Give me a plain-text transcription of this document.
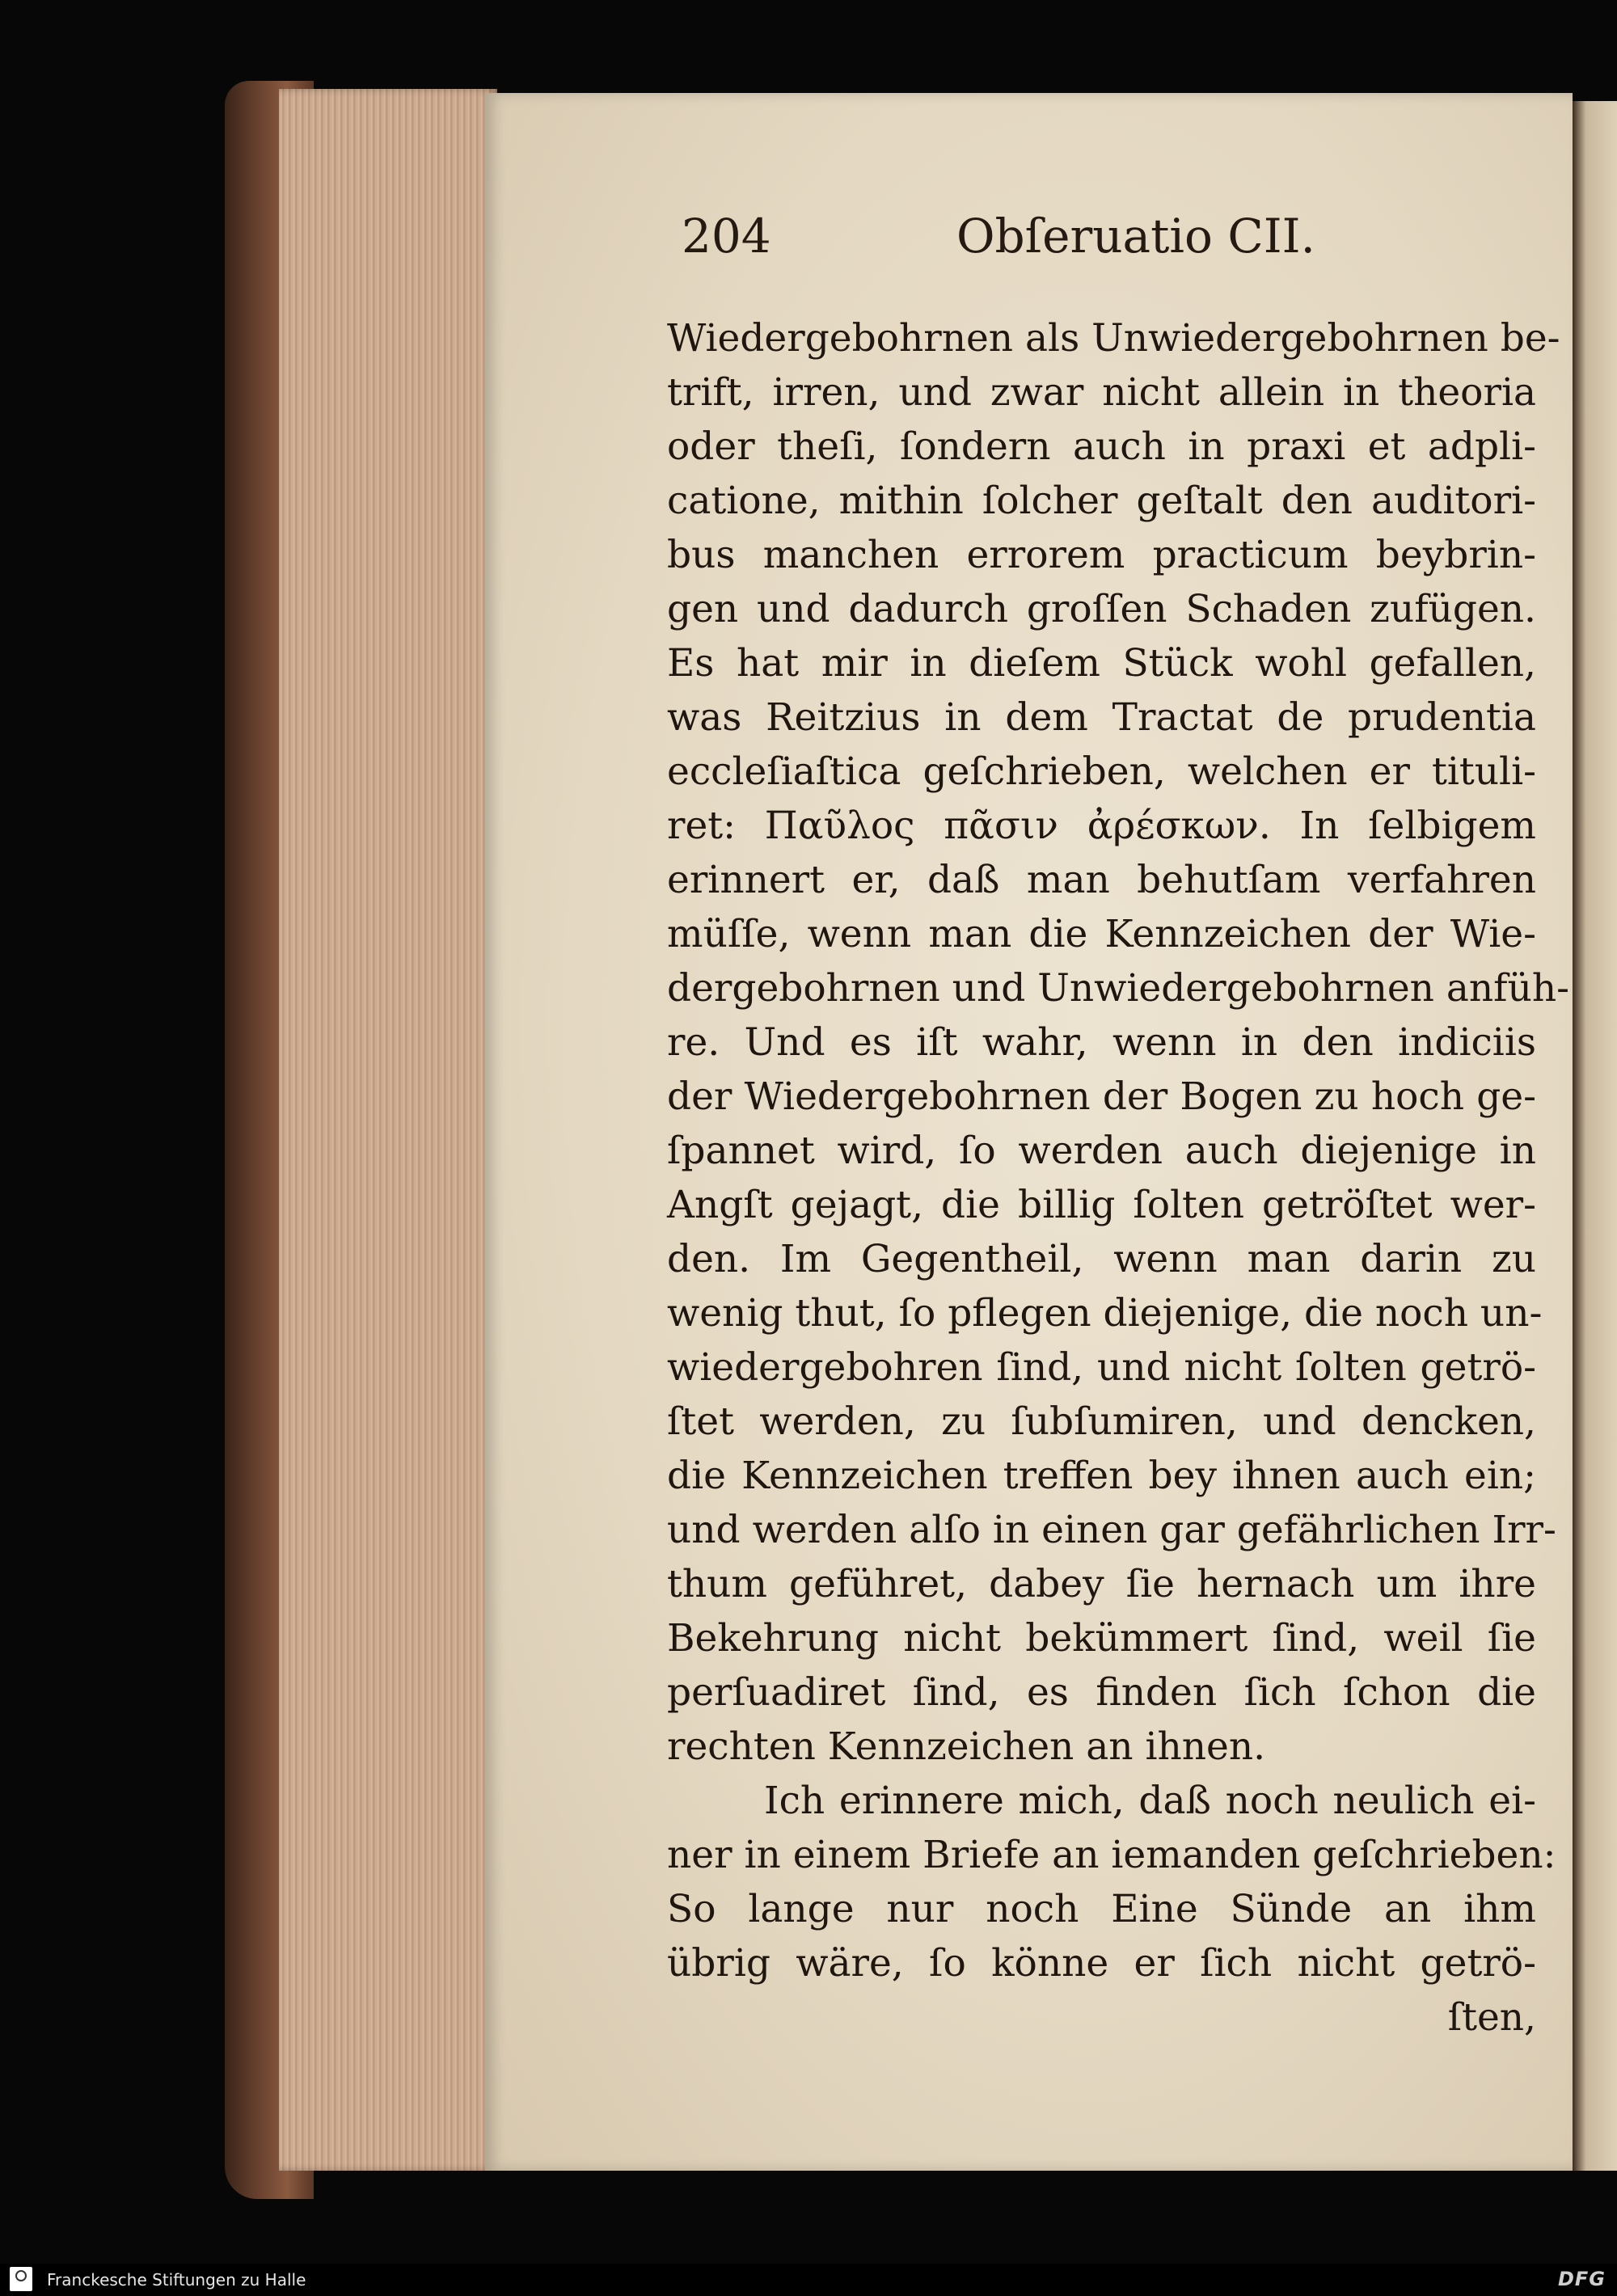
204	Obſeruatio CII.
Wiedergebohrnen als Unwiedergebohrnen be-
trift, irren, und zwar nicht allein in theoria
oder theſi, ſondern auch in praxi et adpli-
catione, mithin ſolcher geſtalt den auditori-
bus manchen errorem practicum beybrin-
gen und dadurch groſſen Schaden zufügen.
Es hat mir in dieſem Stück wohl gefallen,
was Reitzius in dem Tractat de prudentia
eccleſiaſtica geſchrieben, welchen er tituli-
ret: Παῦλος πᾶσιν ἀρέσκων. In ſelbigem
erinnert er, daß man behutſam verfahren
müſſe, wenn man die Kennzeichen der Wie-
dergebohrnen und Unwiedergebohrnen anfüh-
re. Und es iſt wahr, wenn in den indiciis
der Wiedergebohrnen der Bogen zu hoch ge-
ſpannet wird, ſo werden auch diejenige in
Angſt gejagt, die billig ſolten getröſtet wer-
den. Im Gegentheil, wenn man darin zu
wenig thut, ſo pflegen diejenige, die noch un-
wiedergebohren ſind, und nicht ſolten getrö-
ſtet werden, zu ſubſumiren, und dencken,
die Kennzeichen treffen bey ihnen auch ein;
und werden alſo in einen gar gefährlichen Irr-
thum geführet, dabey ſie hernach um ihre
Bekehrung nicht bekümmert ſind, weil ſie
perſuadiret ſind, es finden ſich ſchon die
rechten Kennzeichen an ihnen.
Ich erinnere mich, daß noch neulich ei-
ner in einem Briefe an iemanden geſchrieben:
So lange nur noch Eine Sünde an ihm
übrig wäre, ſo könne er ſich nicht getrö-
ſten,
Franckesche Stiftungen zu Halle	DFG
